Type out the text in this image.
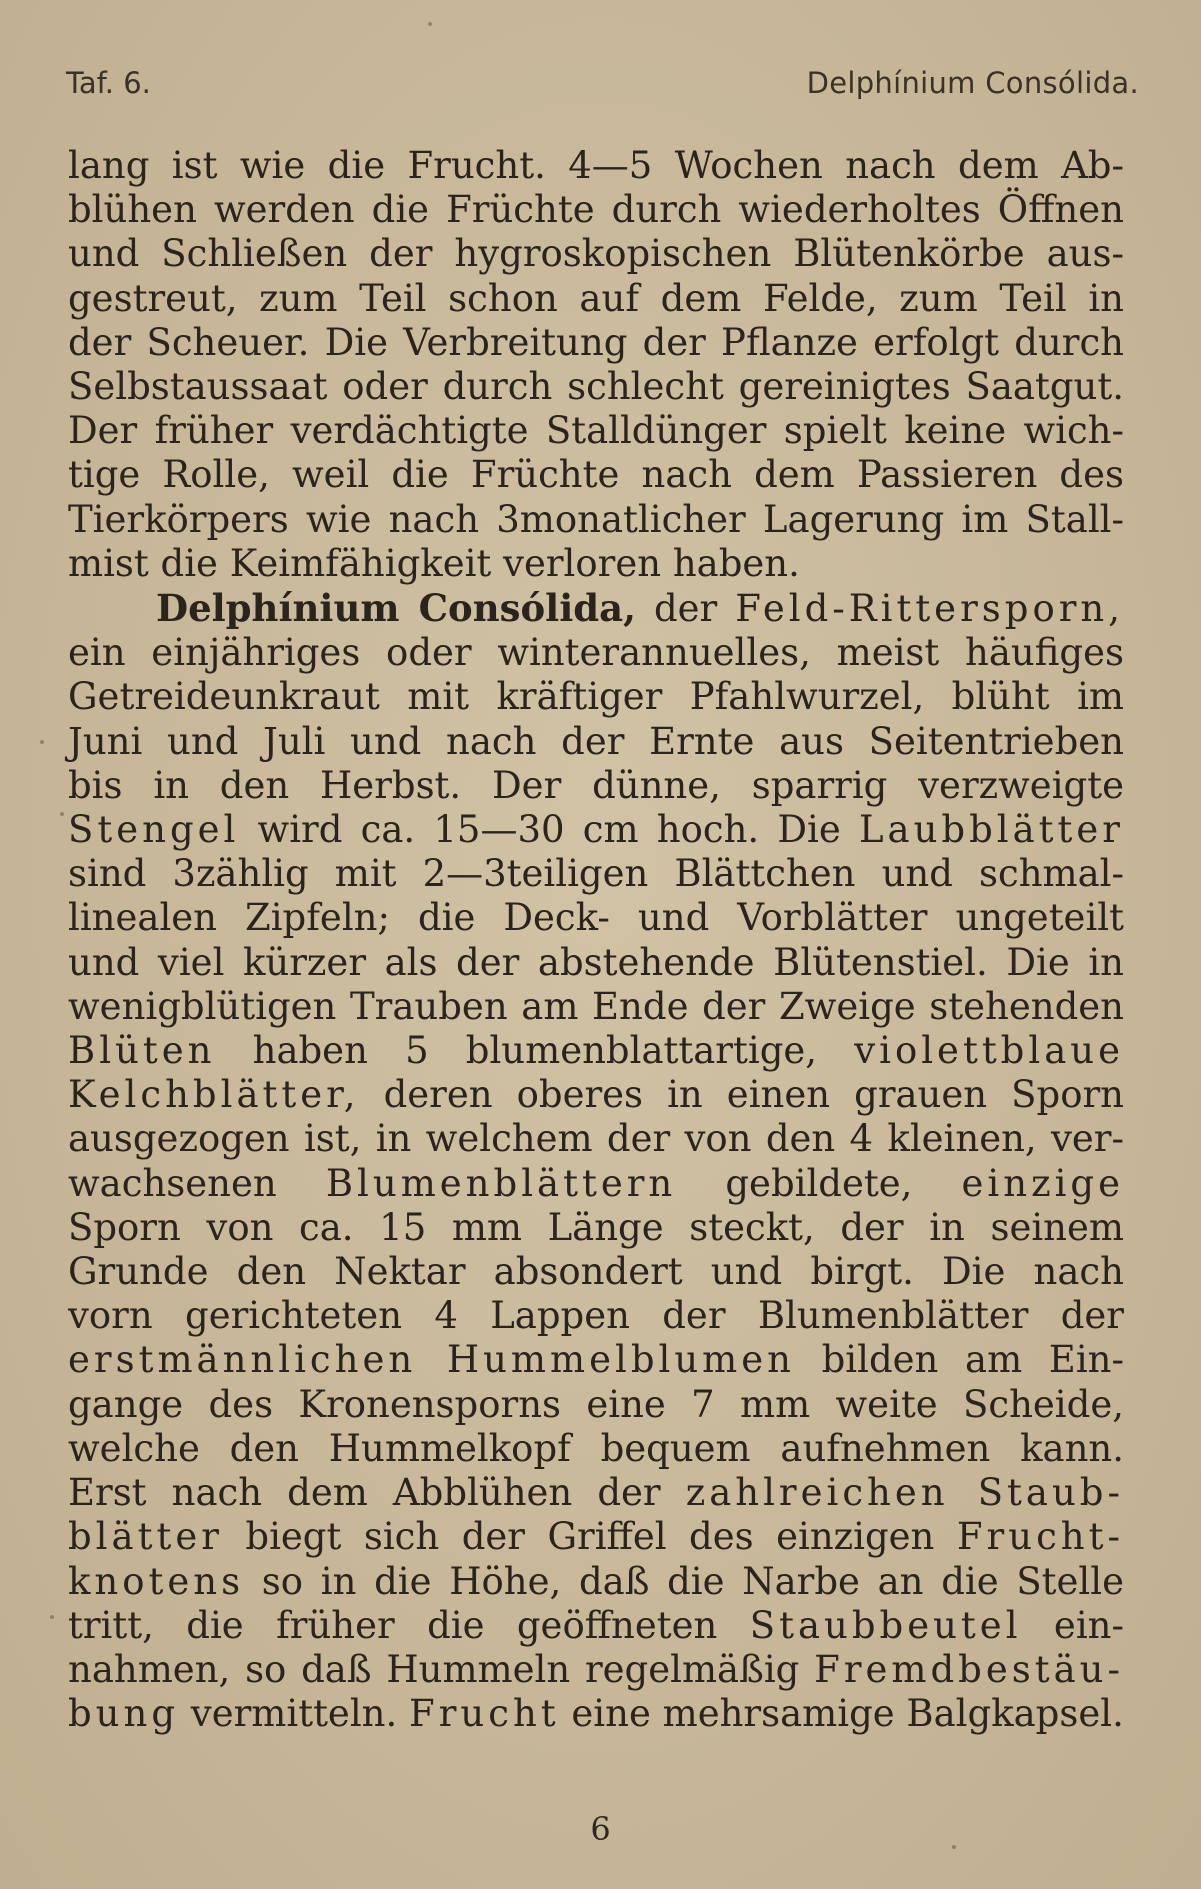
Taf. 6.	Delphínium Consólida.
lang ist wie die Frucht. 4—5 Wochen nach dem Ab-
blühen werden die Früchte durch wiederholtes Öffnen
und Schließen der hygroskopischen Blütenkörbe aus-
gestreut, zum Teil schon auf dem Felde, zum Teil in
der Scheuer. Die Verbreitung der Pflanze erfolgt durch
Selbstaussaat oder durch schlecht gereinigtes Saatgut.
Der früher verdächtigte Stalldünger spielt keine wich-
tige Rolle, weil die Früchte nach dem Passieren des
Tierkörpers wie nach 3monatlicher Lagerung im Stall-
mist die Keimfähigkeit verloren haben.
Delphínium Consólida, der Feld-Rittersporn,
ein einjähriges oder winterannuelles, meist häufiges
Getreideunkraut mit kräftiger Pfahlwurzel, blüht im
Juni und Juli und nach der Ernte aus Seitentrieben
bis in den Herbst. Der dünne, sparrig verzweigte
Stengel wird ca. 15—30 cm hoch. Die Laubblätter
sind 3zählig mit 2—3teiligen Blättchen und schmal-
linealen Zipfeln; die Deck- und Vorblätter ungeteilt
und viel kürzer als der abstehende Blütenstiel. Die in
wenigblütigen Trauben am Ende der Zweige stehenden
Blüten haben 5 blumenblattartige, violettblaue
Kelchblätter, deren oberes in einen grauen Sporn
ausgezogen ist, in welchem der von den 4 kleinen, ver-
wachsenen Blumenblättern gebildete, einzige
Sporn von ca. 15 mm Länge steckt, der in seinem
Grunde den Nektar absondert und birgt. Die nach
vorn gerichteten 4 Lappen der Blumenblätter der
erstmännlichen Hummelblumen bilden am Ein-
gange des Kronensporns eine 7 mm weite Scheide,
welche den Hummelkopf bequem aufnehmen kann.
Erst nach dem Abblühen der zahlreichen Staub-
blätter biegt sich der Griffel des einzigen Frucht-
knotens so in die Höhe, daß die Narbe an die Stelle
tritt, die früher die geöffneten Staubbeutel ein-
nahmen, so daß Hummeln regelmäßig Fremdbestäu-
bung vermitteln. Frucht eine mehrsamige Balgkapsel.
6
